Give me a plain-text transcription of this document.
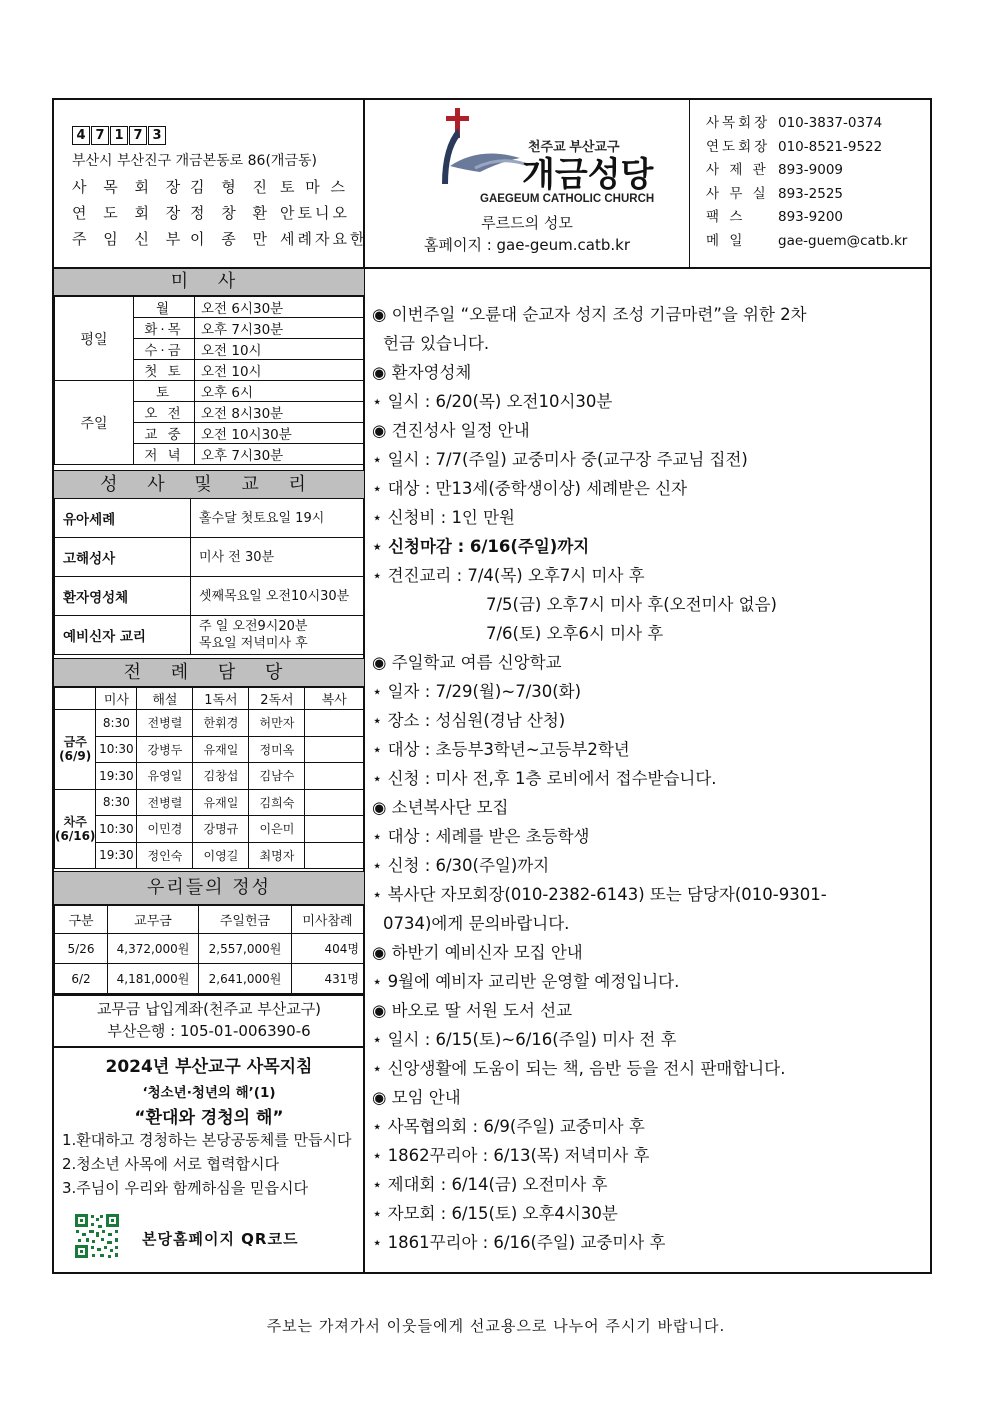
4 7 1 7 3
부산시 부산진구 개금본동로 86(개금동)
사 목 회 장 김 형 진 토 마 스
연 도 회 장 정 창 환 안토니오
주 임 신 부 이 종 만 세례자요한
천주교 부산교구
개금성당
GAEGEUM CATHOLIC CHURCH
루르드의 성모
홈페이지 : gae-geum.catb.kr
사목회장 010-3837-0374
연도회장 010-8521-9522
사 제 관 893-9009
사 무 실 893-2525
팩 스	893-9200
메 일	gae-guem@catb.kr
미 사
평일	월	오전 6시30분
	화·목	오후 7시30분
	수·금	오전 10시
	첫 토	오전 10시
주일	토	오후 6시
	오 전	오전 8시30분
	교 중	오전 10시30분
	저 녁	오후 7시30분
성 사 및 교 리
유아세례	홀수달 첫토요일 19시
고해성사	미사 전 30분
환자영성체	셋째목요일 오전10시30분
예비신자 교리	주 일 오전9시20분
목요일 저녁미사 후
전 례 담 당
	미사	해설	1독서	2독서	복사
금주(6/9)	8:30	전병렬	한휘경	허만자	
	10:30	강병두	유재일	정미옥	
	19:30	유영일	김창섭	김남수	
차주(6/16)	8:30	전병렬	유재일	김희숙	
	10:30	이민경	강명규	이은미	
	19:30	정인숙	이영길	최명자	
우리들의 정성
구분	교무금	주일헌금	미사참례
5/26	4,372,000원	2,557,000원	404명
6/2	4,181,000원	2,641,000원	431명
교무금 납입계좌(천주교 부산교구)
부산은행 : 105-01-006390-6
2024년 부산교구 사목지침
‘청소년·청년의 해’(1)
“환대와 경청의 해”
1.환대하고 경청하는 본당공동체를 만듭시다
2.청소년 사목에 서로 협력합시다
3.주님이 우리와 함께하심을 믿읍시다
본당홈페이지 QR코드
◉ 이번주일 “오륜대 순교자 성지 조성 기금마련”을 위한 2차
헌금 있습니다.
◉ 환자영성체
⋆ 일시 : 6/20(목) 오전10시30분
◉ 견진성사 일정 안내
⋆ 일시 : 7/7(주일) 교중미사 중(교구장 주교님 집전)
⋆ 대상 : 만13세(중학생이상) 세례받은 신자
⋆ 신청비 : 1인 만원
⋆ 신청마감 : 6/16(주일)까지
⋆ 견진교리 : 7/4(목) 오후7시 미사 후
7/5(금) 오후7시 미사 후(오전미사 없음)
7/6(토) 오후6시 미사 후
◉ 주일학교 여름 신앙학교
⋆ 일자 : 7/29(월)~7/30(화)
⋆ 장소 : 성심원(경남 산청)
⋆ 대상 : 초등부3학년~고등부2학년
⋆ 신청 : 미사 전,후 1층 로비에서 접수받습니다.
◉ 소년복사단 모집
⋆ 대상 : 세례를 받은 초등학생
⋆ 신청 : 6/30(주일)까지
⋆ 복사단 자모회장(010-2382-6143) 또는 담당자(010-9301-
0734)에게 문의바랍니다.
◉ 하반기 예비신자 모집 안내
⋆ 9월에 예비자 교리반 운영할 예정입니다.
◉ 바오로 딸 서원 도서 선교
⋆ 일시 : 6/15(토)~6/16(주일) 미사 전 후
⋆ 신앙생활에 도움이 되는 책, 음반 등을 전시 판매합니다.
◉ 모임 안내
⋆ 사목협의회 : 6/9(주일) 교중미사 후
⋆ 1862꾸리아 : 6/13(목) 저녁미사 후
⋆ 제대회 : 6/14(금) 오전미사 후
⋆ 자모회 : 6/15(토) 오후4시30분
⋆ 1861꾸리아 : 6/16(주일) 교중미사 후
주보는 가져가서 이웃들에게 선교용으로 나누어 주시기 바랍니다.
